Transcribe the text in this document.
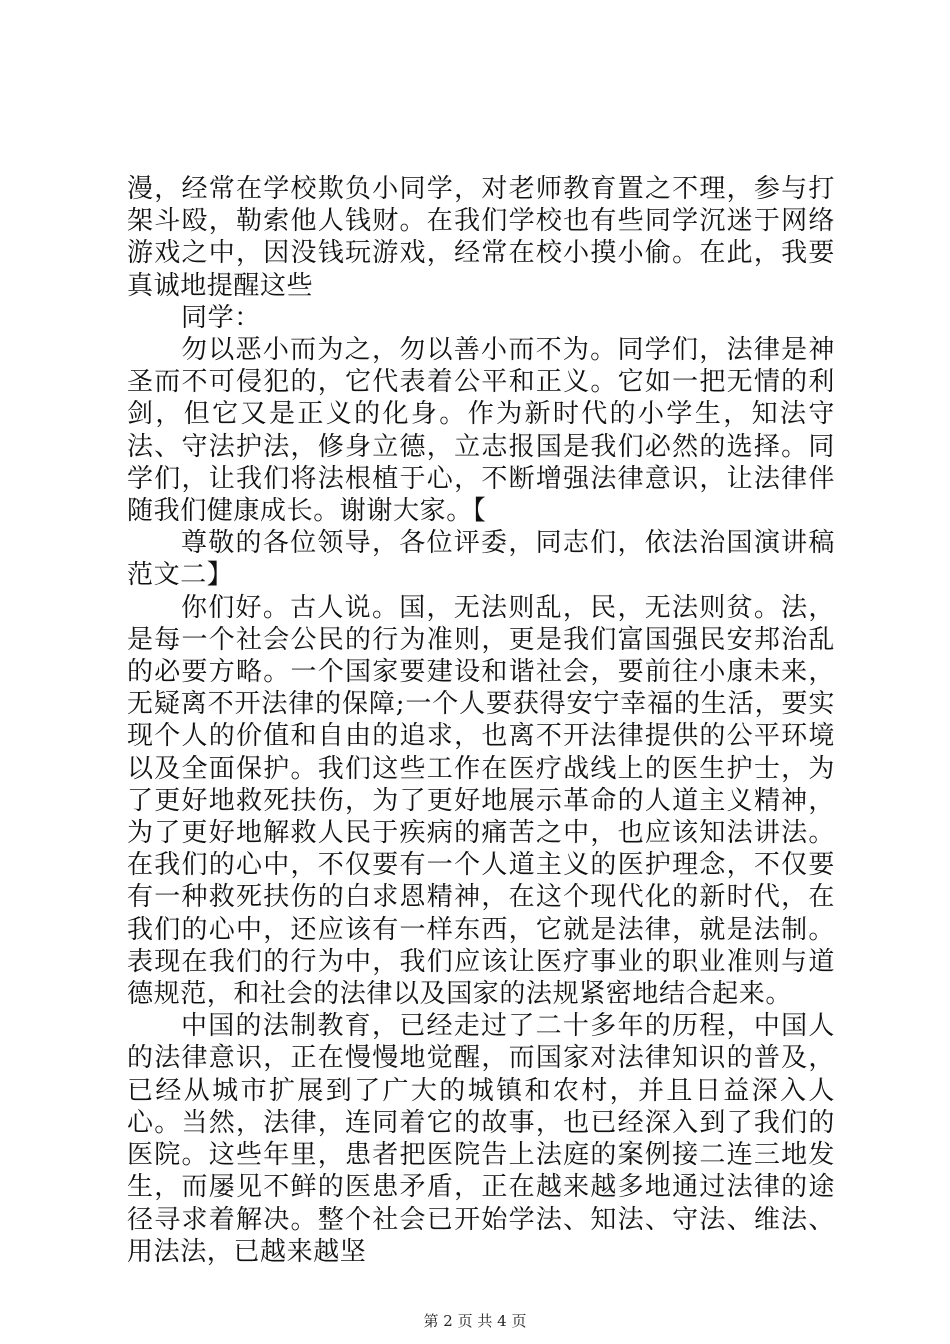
漫，经常在学校欺负小同学，对老师教育置之不理，参与打架斗殴，勒索他人钱财。在我们学校也有些同学沉迷于网络游戏之中，因没钱玩游戏，经常在校小摸小偷。在此，我要真诚地提醒这些

同学：

勿以恶小而为之，勿以善小而不为。同学们，法律是神圣而不可侵犯的，它代表着公平和正义。它如一把无情的利剑，但它又是正义的化身。作为新时代的小学生，知法守法、守法护法，修身立德，立志报国是我们必然的选择。同学们，让我们将法根植于心，不断增强法律意识，让法律伴随我们健康成长。谢谢大家。【

尊敬的各位领导，各位评委，同志们，依法治国演讲稿范文二】

你们好。古人说。国，无法则乱，民，无法则贫。法，是每一个社会公民的行为准则，更是我们富国强民安邦治乱的必要方略。一个国家要建设和谐社会，要前往小康未来，无疑离不开法律的保障;一个人要获得安宁幸福的生活，要实现个人的价值和自由的追求，也离不开法律提供的公平环境以及全面保护。我们这些工作在医疗战线上的医生护士，为了更好地救死扶伤，为了更好地展示革命的人道主义精神，为了更好地解救人民于疾病的痛苦之中，也应该知法讲法。在我们的心中，不仅要有一个人道主义的医护理念，不仅要有一种救死扶伤的白求恩精神，在这个现代化的新时代，在我们的心中，还应该有一样东西，它就是法律，就是法制。表现在我们的行为中，我们应该让医疗事业的职业准则与道德规范，和社会的法律以及国家的法规紧密地结合起来。

中国的法制教育，已经走过了二十多年的历程，中国人的法律意识，正在慢慢地觉醒，而国家对法律知识的普及，已经从城市扩展到了广大的城镇和农村，并且日益深入人心。当然，法律，连同着它的故事，也已经深入到了我们的医院。这些年里，患者把医院告上法庭的案例接二连三地发生，而屡见不鲜的医患矛盾，正在越来越多地通过法律的途径寻求着解决。整个社会已开始学法、知法、守法、维法、用法法，已越来越坚

第 2 页 共 4 页
